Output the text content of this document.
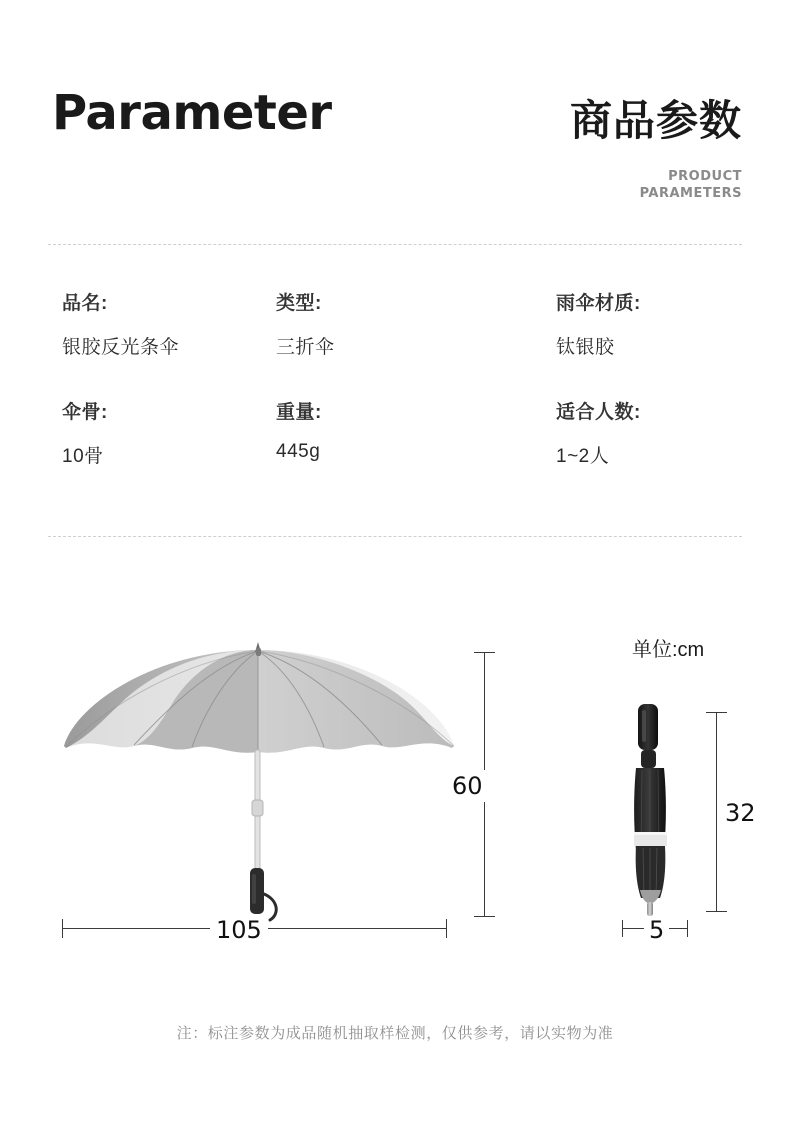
Parameter	商品参数
PRODUCT
PARAMETERS
品名:
银胶反光条伞
类型:
三折伞
雨伞材质:
钛银胶
伞骨:
10骨
重量:
445g
适合人数:
1~2人
单位:cm
60
105
32
5
注：标注参数为成品随机抽取样检测，仅供参考，请以实物为准
